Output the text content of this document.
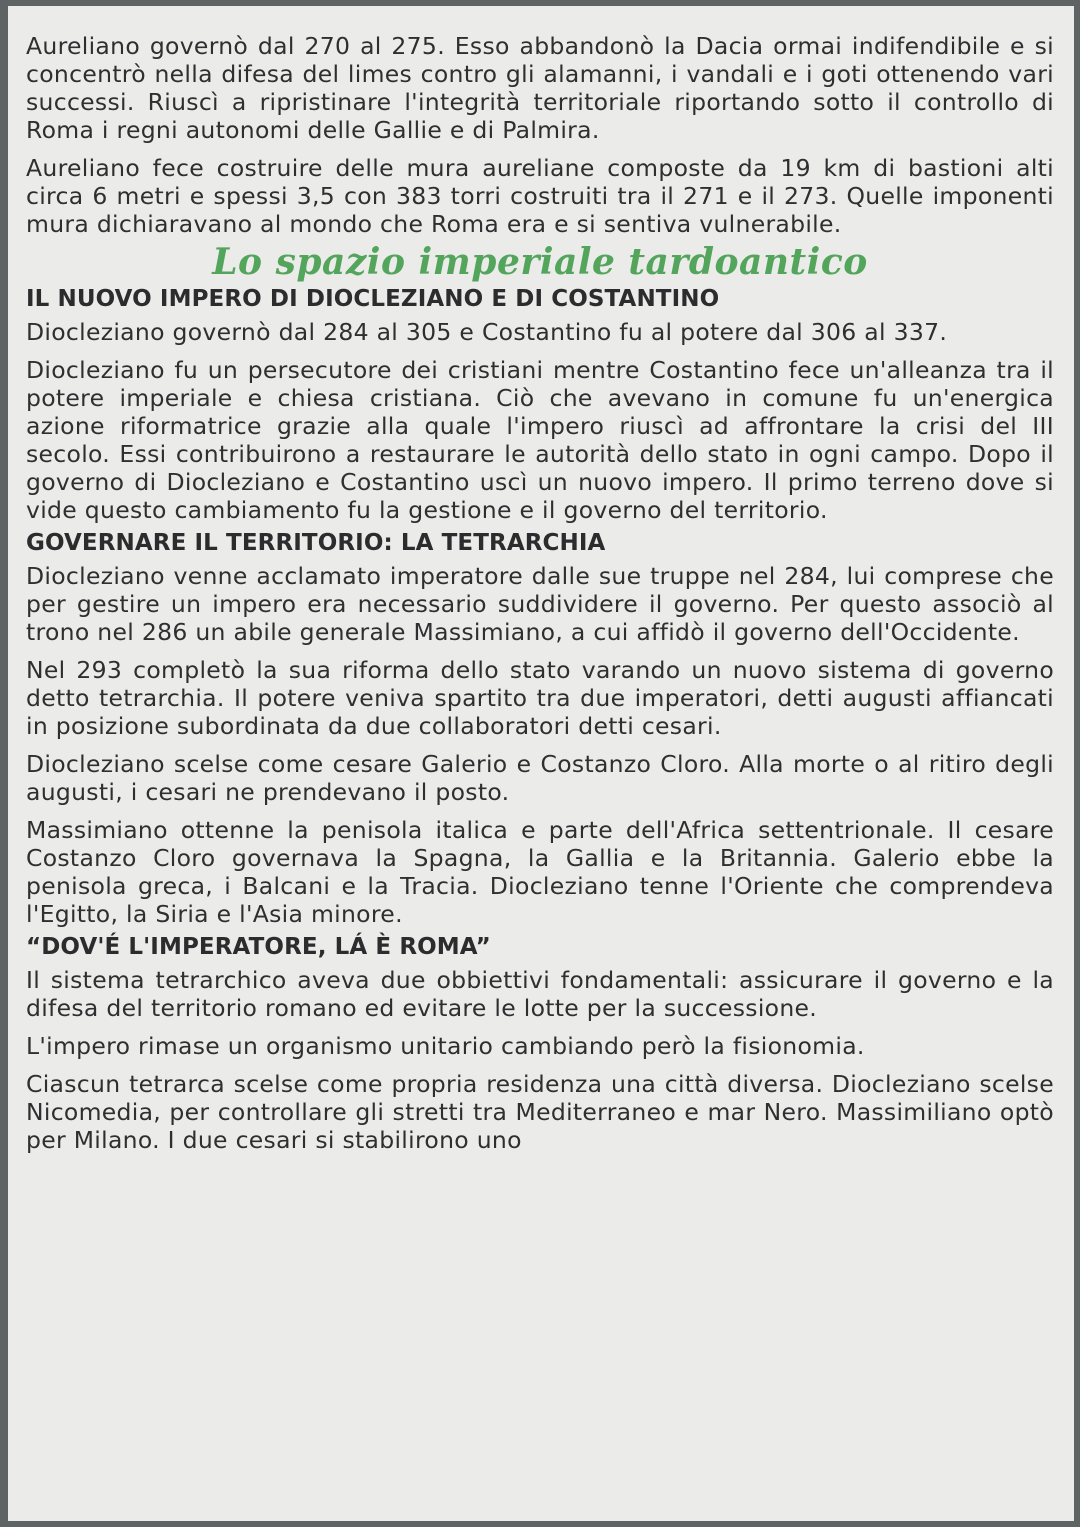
Aureliano governò dal 270 al 275. Esso abbandonò la Dacia ormai indifendibile e si concentrò nella difesa del limes contro gli alamanni, i vandali e i goti ottenendo vari successi. Riuscì a ripristinare l'integrità territoriale riportando sotto il controllo di Roma i regni autonomi delle Gallie e di Palmira.

Aureliano fece costruire delle mura aureliane composte da 19 km di bastioni alti circa 6 metri e spessi 3,5 con 383 torri costruiti tra il 271 e il 273. Quelle imponenti mura dichiaravano al mondo che Roma era e si sentiva vulnerabile.

Lo spazio imperiale tardoantico
IL NUOVO IMPERO DI DIOCLEZIANO E DI COSTANTINO

Diocleziano governò dal 284 al 305 e Costantino fu al potere dal 306 al 337.

Diocleziano fu un persecutore dei cristiani mentre Costantino fece un'alleanza tra il potere imperiale e chiesa cristiana. Ciò che avevano in comune fu un'energica azione riformatrice grazie alla quale l'impero riuscì ad affrontare la crisi del III secolo. Essi contribuirono a restaurare le autorità dello stato in ogni campo. Dopo il governo di Diocleziano e Costantino uscì un nuovo impero. Il primo terreno dove si vide questo cambiamento fu la gestione e il governo del territorio.

GOVERNARE IL TERRITORIO: LA TETRARCHIA

Diocleziano venne acclamato imperatore dalle sue truppe nel 284, lui comprese che per gestire un impero era necessario suddividere il governo. Per questo associò al trono nel 286 un abile generale Massimiano, a cui affidò il governo dell'Occidente.

Nel 293 completò la sua riforma dello stato varando un nuovo sistema di governo detto tetrarchia. Il potere veniva spartito tra due imperatori, detti augusti affiancati in posizione subordinata da due collaboratori detti cesari.

Diocleziano scelse come cesare Galerio e Costanzo Cloro. Alla morte o al ritiro degli augusti, i cesari ne prendevano il posto.

Massimiano ottenne la penisola italica e parte dell'Africa settentrionale. Il cesare Costanzo Cloro governava la Spagna, la Gallia e la Britannia. Galerio ebbe la penisola greca, i Balcani e la Tracia. Diocleziano tenne l'Oriente che comprendeva l'Egitto, la Siria e l'Asia minore.

“DOV'É L'IMPERATORE, LÁ È ROMA”

Il sistema tetrarchico aveva due obbiettivi fondamentali: assicurare il governo e la difesa del territorio romano ed evitare le lotte per la successione.

L'impero rimase un organismo unitario cambiando però la fisionomia.

Ciascun tetrarca scelse come propria residenza una città diversa. Diocleziano scelse Nicomedia, per controllare gli stretti tra Mediterraneo e mar Nero. Massimiliano optò per Milano. I due cesari si stabilirono uno
